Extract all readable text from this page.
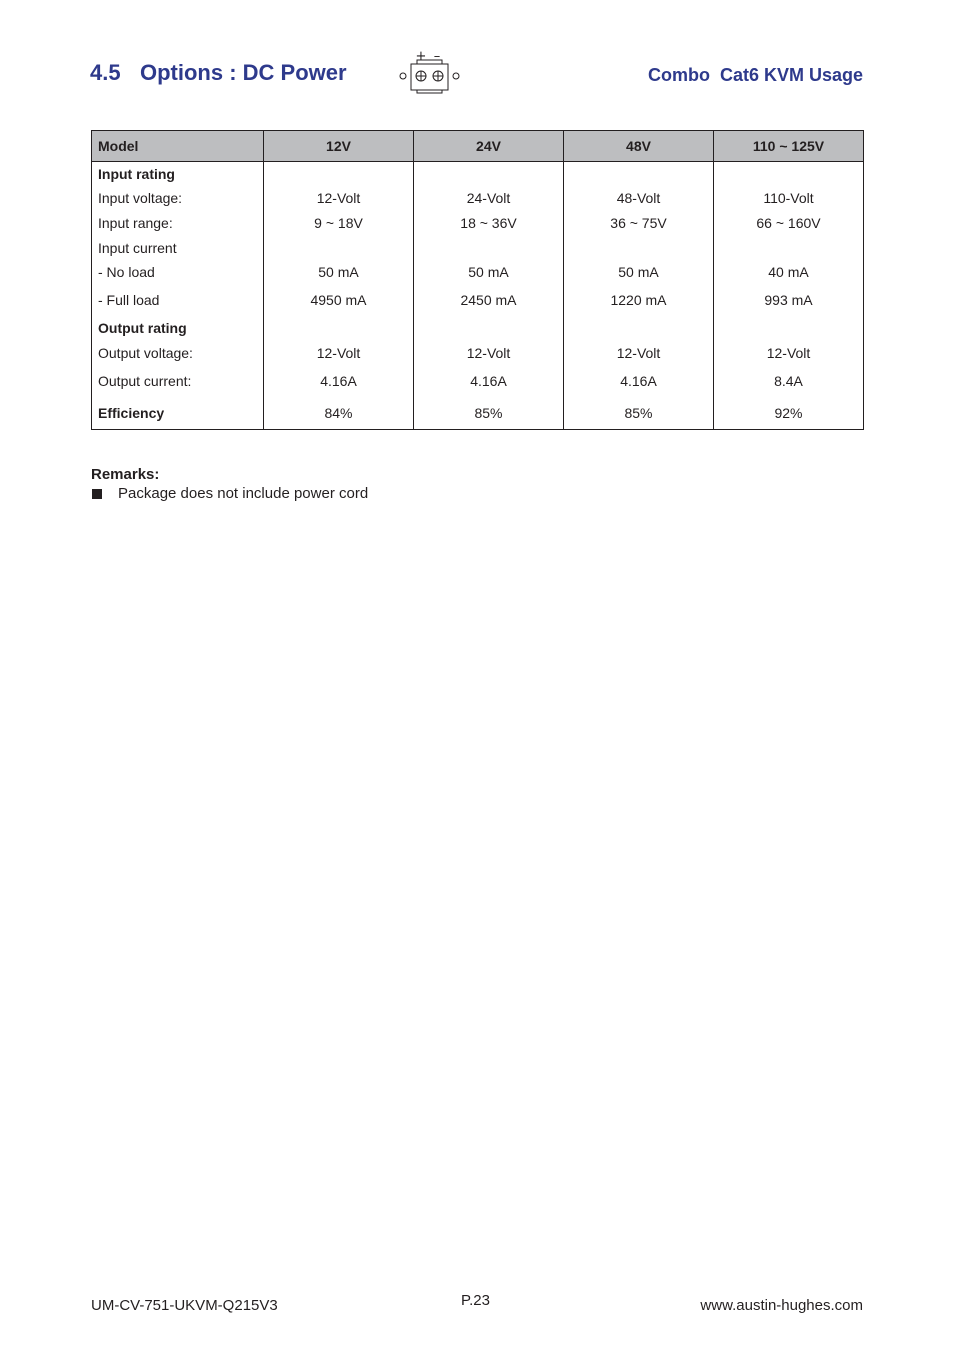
4.5 Options : DC Power
+ –
Combo  Cat6 KVM Usage
Model	12V	24V	48V	110 ~ 125V
Input rating				
Input voltage:	12-Volt	24-Volt	48-Volt	110-Volt
Input range:	9 ~ 18V	18 ~ 36V	36 ~ 75V	66 ~ 160V
Input current				
- No load	50 mA	50 mA	50 mA	40 mA
- Full load	4950 mA	2450 mA	1220 mA	993 mA
Output rating				
Output voltage:	12-Volt	12-Volt	12-Volt	12-Volt
Output current:	4.16A	4.16A	4.16A	8.4A
Efficiency	84%	85%	85%	92%
Remarks:
Package does not include power cord
UM-CV-751-UKVM-Q215V3	P.23	www.austin-hughes.com
